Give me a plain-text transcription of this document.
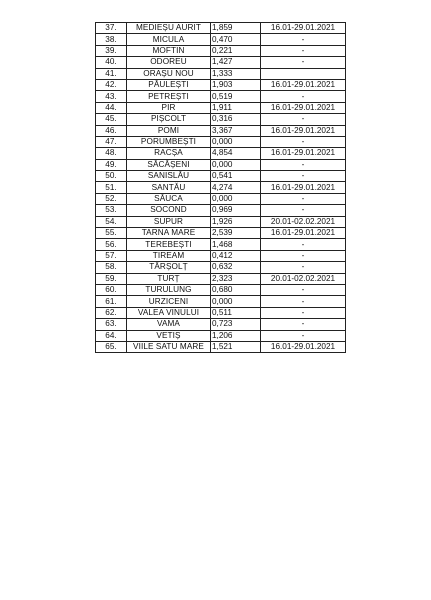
37.	MEDIEȘU AURIT	1,859	16.01-29.01.2021
38.	MICULA	0,470	-
39.	MOFTIN	0,221	-
40.	ODOREU	1,427	-
41.	ORAȘU NOU	1,333	
42.	PĂULEȘTI	1,903	16.01-29.01.2021
43.	PETREȘTI	0,519	-
44.	PIR	1,911	16.01-29.01.2021
45.	PIȘCOLT	0,316	-
46.	POMI	3,367	16.01-29.01.2021
47.	PORUMBEȘTI	0,000	-
48.	RACȘA	4,854	16.01-29.01.2021
49.	SĂCĂȘENI	0,000	-
50.	SANISLĂU	0,541	-
51.	SANTĂU	4,274	16.01-29.01.2021
52.	SĂUCA	0,000	-
53.	SOCOND	0,969	-
54.	SUPUR	1,926	20.01-02.02.2021
55.	TARNA MARE	2,539	16.01-29.01.2021
56.	TEREBEȘTI	1,468	-
57.	TIREAM	0,412	-
58.	TÂRȘOLȚ	0,632	-
59.	TURȚ	2,323	20.01-02.02.2021
60.	TURULUNG	0,680	-
61.	URZICENI	0,000	-
62.	VALEA VINULUI	0,511	-
63.	VAMA	0,723	-
64.	VETIȘ	1,206	-
65.	VIILE SATU MARE	1,521	16.01-29.01.2021
